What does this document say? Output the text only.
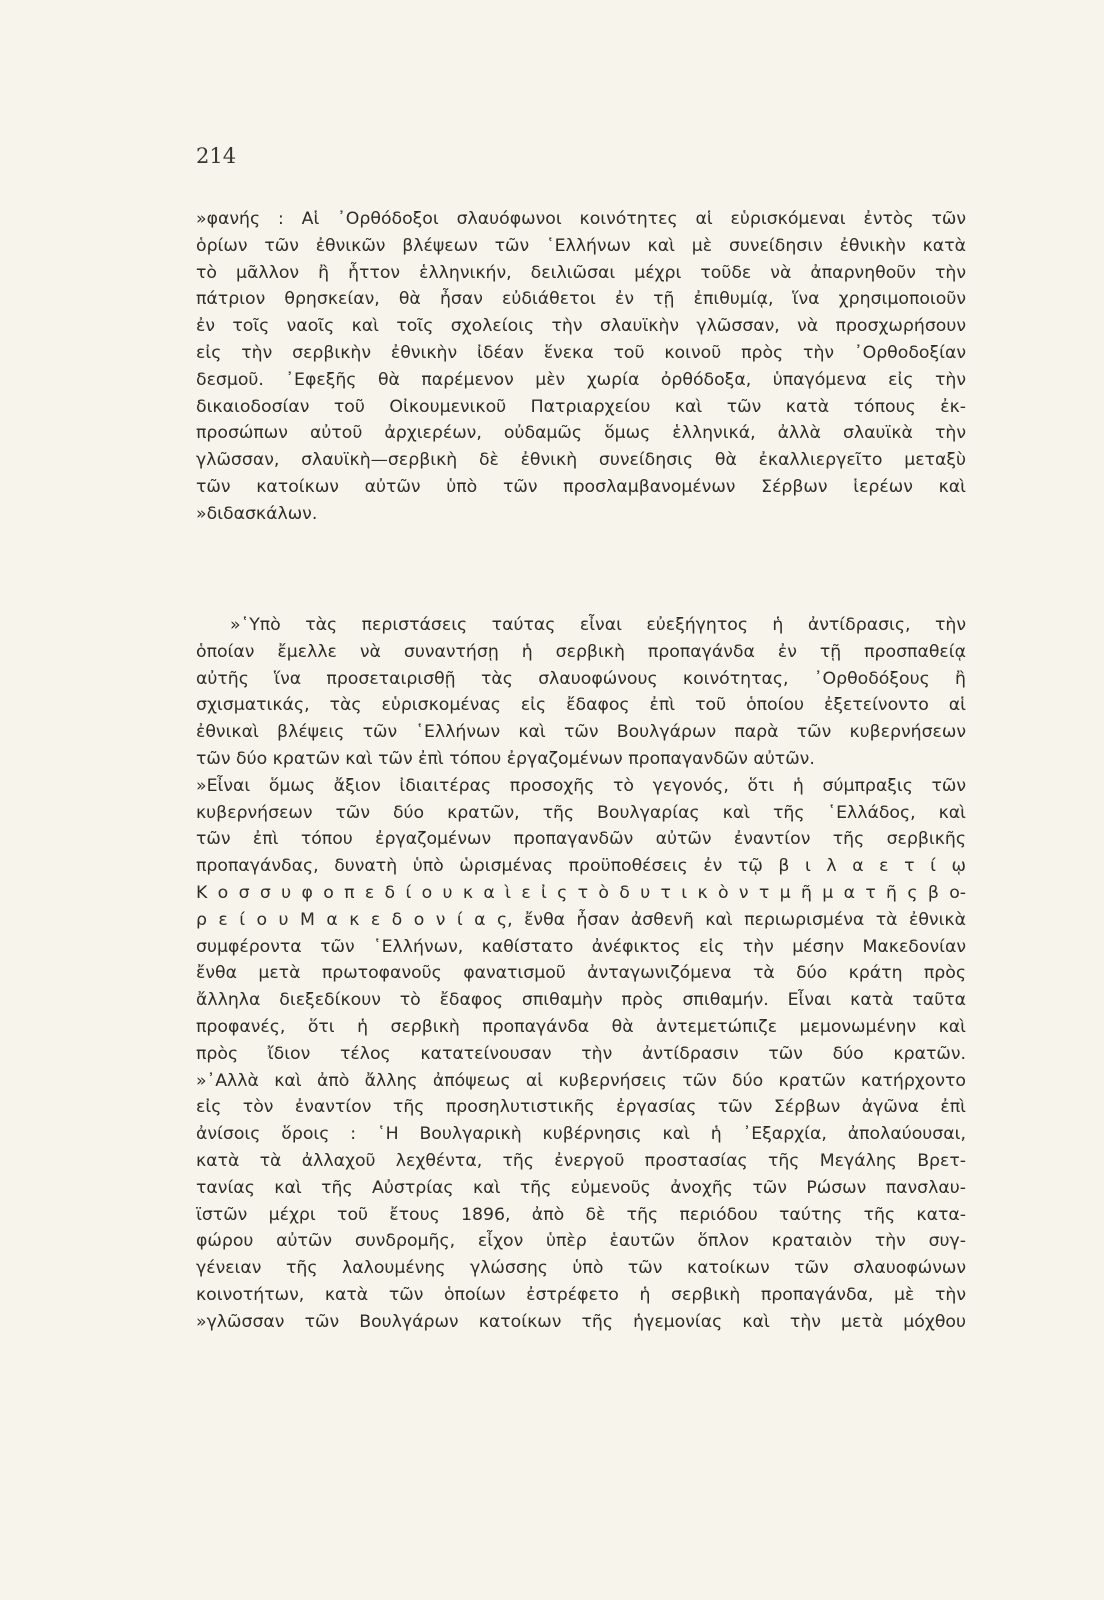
214
»φανής : Αἱ ᾿Ορθόδοξοι σλαυόφωνοι κοινότητες αἱ εὑρισκόμεναι ἐντὸς τῶν
ὁρίων τῶν ἐθνικῶν βλέψεων τῶν ῾Ελλήνων καὶ μὲ συνείδησιν ἐθνικὴν κατὰ
τὸ μᾶλλον ἢ ἧττον ἑλληνικήν, δειλιῶσαι μέχρι τοῦδε νὰ ἀπαρνηθοῦν τὴν
πάτριον θρησκείαν, θὰ ἦσαν εὐδιάθετοι ἐν τῇ ἐπιθυμίᾳ, ἵνα χρησιμοποιοῦν
ἐν τοῖς ναοῖς καὶ τοῖς σχολείοις τὴν σλαυϊκὴν γλῶσσαν, νὰ προσχωρήσουν
εἰς τὴν σερβικὴν ἐθνικὴν ἰδέαν ἕνεκα τοῦ κοινοῦ πρὸς τὴν ᾿Ορθοδοξίαν
δεσμοῦ. ᾿Εφεξῆς θὰ παρέμενον μὲν χωρία ὀρθόδοξα, ὑπαγόμενα εἰς τὴν
δικαιοδοσίαν τοῦ Οἰκουμενικοῦ Πατριαρχείου καὶ τῶν κατὰ τόπους ἐκ-
προσώπων αὐτοῦ ἀρχιερέων, οὐδαμῶς ὅμως ἑλληνικά, ἀλλὰ σλαυϊκὰ τὴν
γλῶσσαν, σλαυϊκὴ—σερβικὴ δὲ ἐθνικὴ συνείδησις θὰ ἐκαλλιεργεῖτο μεταξὺ
τῶν κατοίκων αὐτῶν ὑπὸ τῶν προσλαμβανομένων Σέρβων ἱερέων καὶ
»διδασκάλων.
»῾Υπὸ τὰς περιστάσεις ταύτας εἶναι εὐεξήγητος ἡ ἀντίδρασις, τὴν
ὁποίαν ἔμελλε νὰ συναντήσῃ ἡ σερβικὴ προπαγάνδα ἐν τῇ προσπαθείᾳ
αὐτῆς ἵνα προσεταιρισθῇ τὰς σλαυοφώνους κοινότητας, ᾿Ορθοδόξους ἢ
σχισματικάς, τὰς εὑρισκομένας εἰς ἔδαφος ἐπὶ τοῦ ὁποίου ἐξετείνοντο αἱ
ἐθνικαὶ βλέψεις τῶν ῾Ελλήνων καὶ τῶν Βουλγάρων παρὰ τῶν κυβερνήσεων
τῶν δύο κρατῶν καὶ τῶν ἐπὶ τόπου ἐργαζομένων προπαγανδῶν αὐτῶν.
»Εἶναι ὅμως ἄξιον ἰδιαιτέρας προσοχῆς τὸ γεγονός, ὅτι ἡ σύμπραξις τῶν
κυβερνήσεων τῶν δύο κρατῶν, τῆς Βουλγαρίας καὶ τῆς ῾Ελλάδος, καὶ
τῶν ἐπὶ τόπου ἐργαζομένων προπαγανδῶν αὐτῶν ἐναντίον τῆς σερβικῆς
προπαγάνδας, δυνατὴ ὑπὸ ὡρισμένας προϋποθέσεις ἐν τῷ β ι λ α ε τ ί ῳ
Κ ο σ σ υ φ ο π ε δ ί ο υ κ α ὶ ε ἰ ς τ ὸ δ υ τ ι κ ὸ ν τ μ ῆ μ α τ ῆ ς β ο-
ρ ε ί ο υ Μ α κ ε δ ο ν ί α ς, ἔνθα ἦσαν ἀσθενῆ καὶ περιωρισμένα τὰ ἐθνικὰ
συμφέροντα τῶν ῾Ελλήνων, καθίστατο ἀνέφικτος εἰς τὴν μέσην Μακεδονίαν
ἔνθα μετὰ πρωτοφανοῦς φανατισμοῦ ἀνταγωνιζόμενα τὰ δύο κράτη πρὸς
ἄλληλα διεξεδίκουν τὸ ἔδαφος σπιθαμὴν πρὸς σπιθαμήν. Εἶναι κατὰ ταῦτα
προφανές, ὅτι ἡ σερβικὴ προπαγάνδα θὰ ἀντεμετώπιζε μεμονωμένην καὶ
πρὸς ἴδιον τέλος κατατείνουσαν τὴν ἀντίδρασιν τῶν δύο κρατῶν.
»᾿Αλλὰ καὶ ἀπὸ ἄλλης ἀπόψεως αἱ κυβερνήσεις τῶν δύο κρατῶν κατήρχοντο
εἰς τὸν ἐναντίον τῆς προσηλυτιστικῆς ἐργασίας τῶν Σέρβων ἀγῶνα ἐπὶ
ἀνίσοις ὅροις : ῾Η Βουλγαρικὴ κυβέρνησις καὶ ἡ ᾿Εξαρχία, ἀπολαύουσαι,
κατὰ τὰ ἀλλαχοῦ λεχθέντα, τῆς ἐνεργοῦ προστασίας τῆς Μεγάλης Βρετ-
τανίας καὶ τῆς Αὐστρίας καὶ τῆς εὐμενοῦς ἀνοχῆς τῶν Ρώσων πανσλαυ-
ϊστῶν μέχρι τοῦ ἔτους 1896, ἀπὸ δὲ τῆς περιόδου ταύτης τῆς κατα-
φώρου αὐτῶν συνδρομῆς, εἶχον ὑπὲρ ἑαυτῶν ὅπλον κραταιὸν τὴν συγ-
γένειαν τῆς λαλουμένης γλώσσης ὑπὸ τῶν κατοίκων τῶν σλαυοφώνων
κοινοτήτων, κατὰ τῶν ὁποίων ἐστρέφετο ἡ σερβικὴ προπαγάνδα, μὲ τὴν
»γλῶσσαν τῶν Βουλγάρων κατοίκων τῆς ἡγεμονίας καὶ τὴν μετὰ μόχθου
